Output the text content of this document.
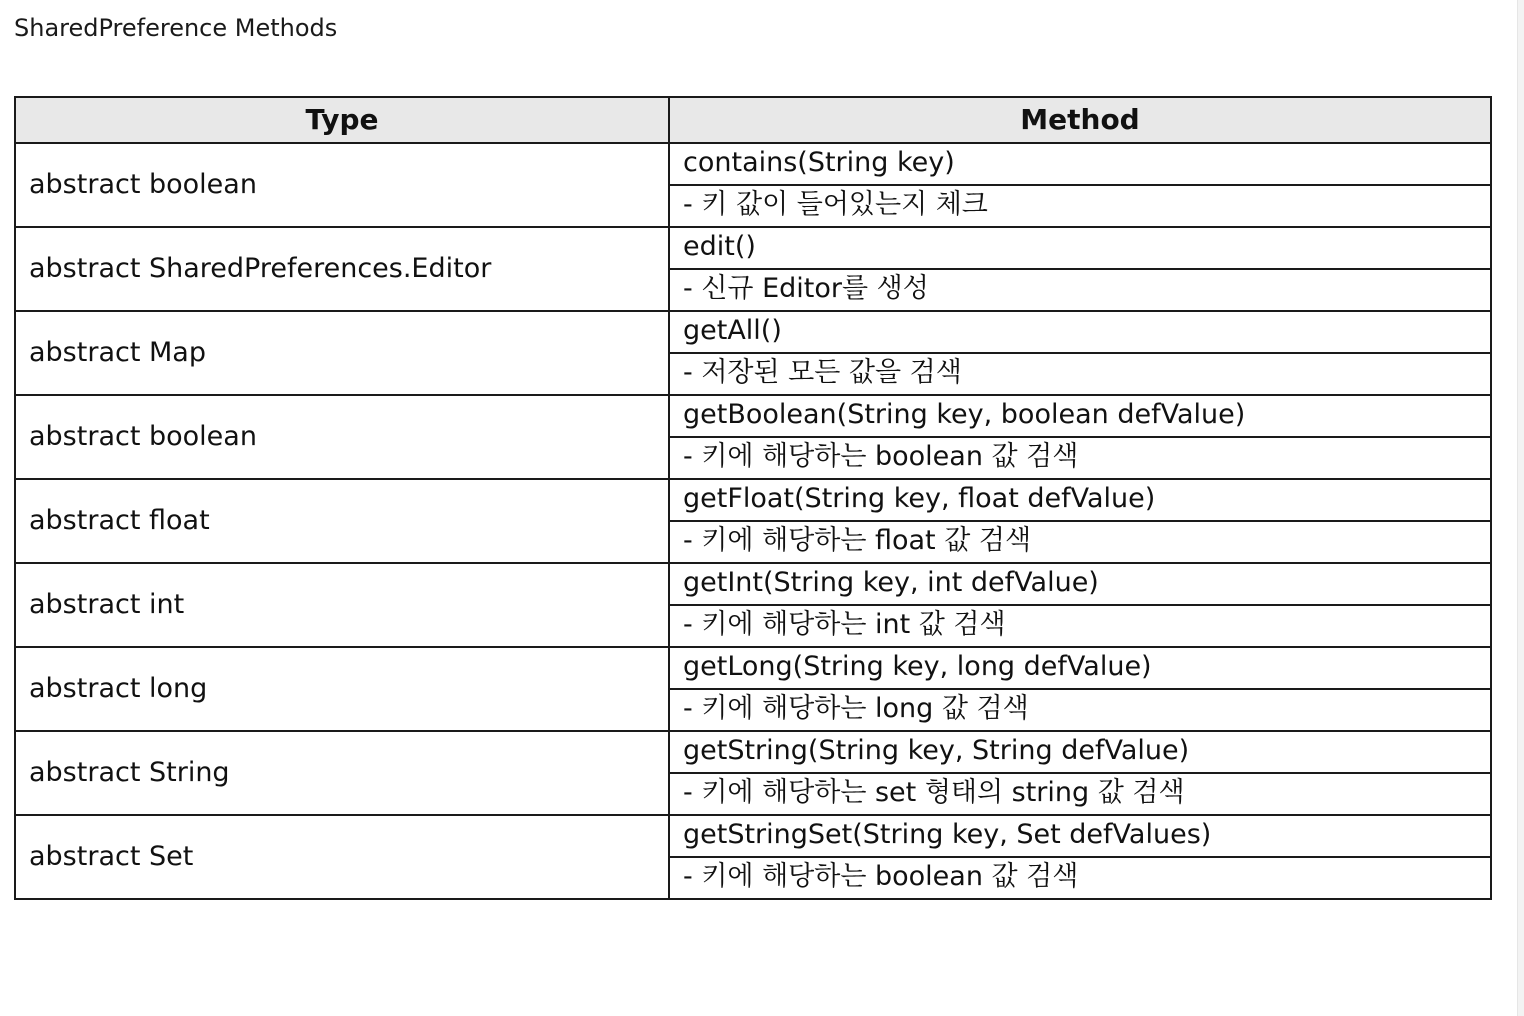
SharedPreference Methods
Type	Method
abstract boolean	contains(String key)
	- 키 값이 들어있는지 체크
abstract SharedPreferences.Editor	edit()
	- 신규 Editor를 생성
abstract Map	getAll()
	- 저장된 모든 값을 검색
abstract boolean	getBoolean(String key, boolean defValue)
	- 키에 해당하는 boolean 값 검색
abstract float	getFloat(String key, float defValue)
	- 키에 해당하는 float 값 검색
abstract int	getInt(String key, int defValue)
	- 키에 해당하는 int 값 검색
abstract long	getLong(String key, long defValue)
	- 키에 해당하는 long 값 검색
abstract String	getString(String key, String defValue)
	- 키에 해당하는 set 형태의 string 값 검색
abstract Set	getStringSet(String key, Set defValues)
	- 키에 해당하는 boolean 값 검색
